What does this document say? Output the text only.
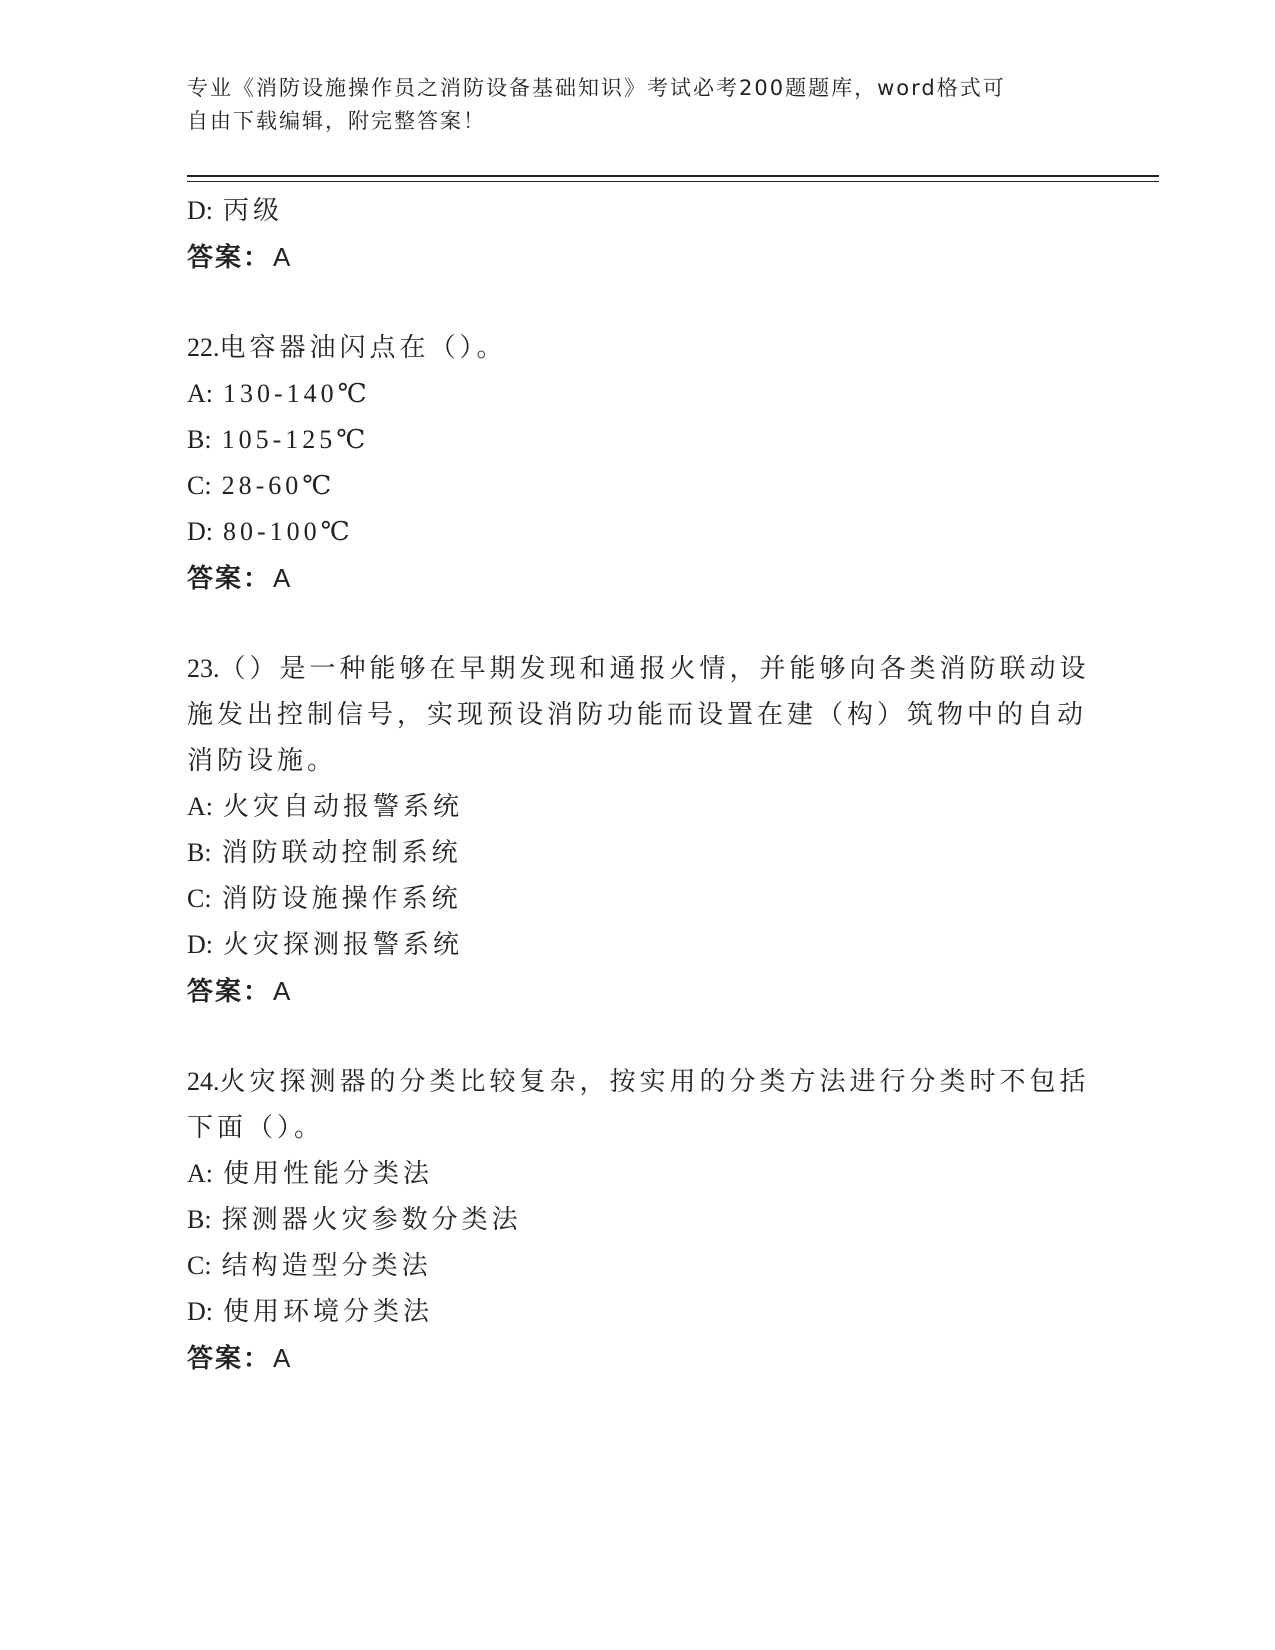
专业《消防设施操作员之消防设备基础知识》考试必考200题题库，word格式可
自由下载编辑，附完整答案！
D: 丙级
答案：A
22.电容器油闪点在（）。
A: 130-140℃
B: 105-125℃
C: 28-60℃
D: 80-100℃
答案：A
23.（）是一种能够在早期发现和通报火情，并能够向各类消防联动设
施发出控制信号，实现预设消防功能而设置在建（构）筑物中的自动
消防设施。
A: 火灾自动报警系统
B: 消防联动控制系统
C: 消防设施操作系统
D: 火灾探测报警系统
答案：A
24.火灾探测器的分类比较复杂，按实用的分类方法进行分类时不包括
下面（）。
A: 使用性能分类法
B: 探测器火灾参数分类法
C: 结构造型分类法
D: 使用环境分类法
答案：A
